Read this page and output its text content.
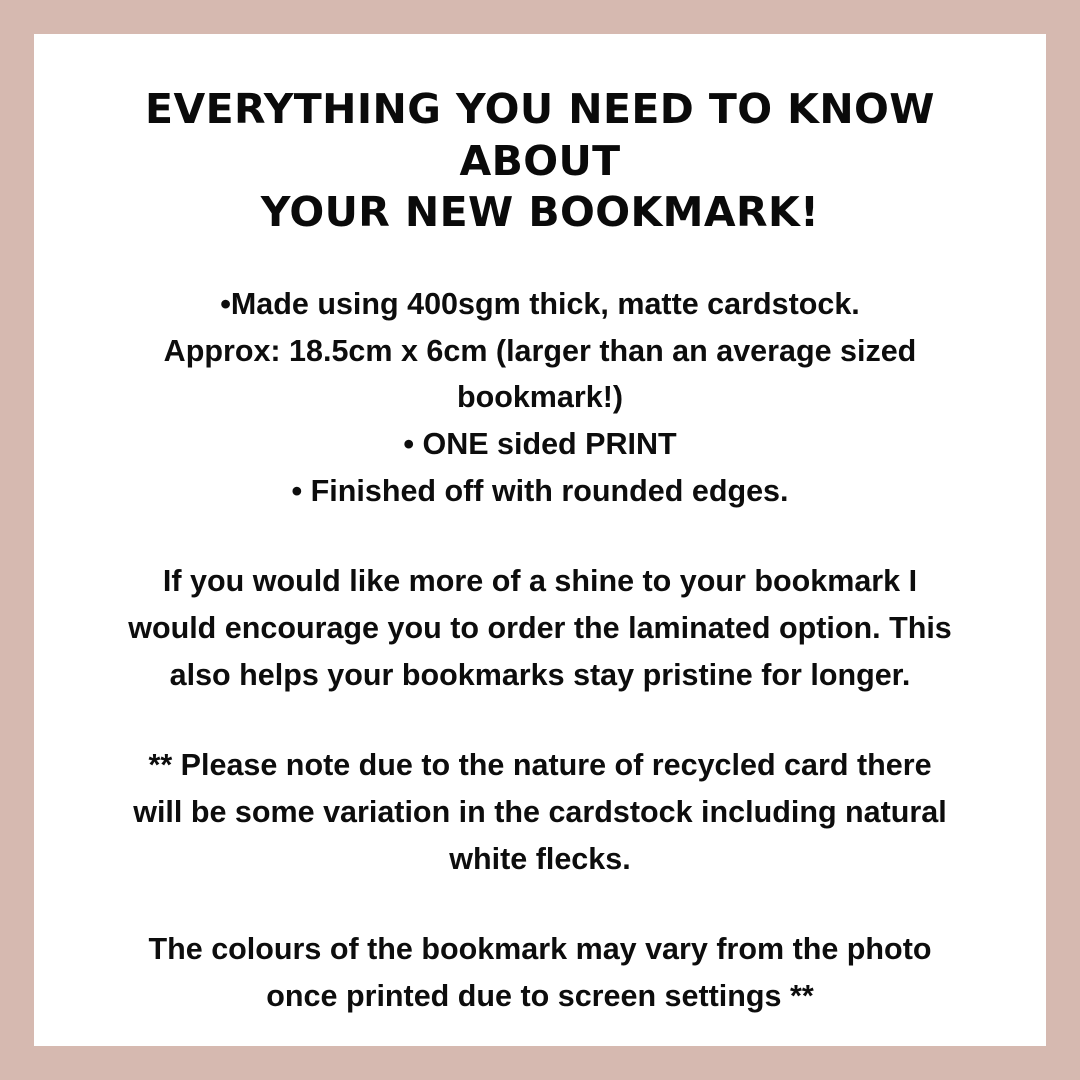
EVERYTHING YOU NEED TO KNOW ABOUT
YOUR NEW BOOKMARK!
•Made using 400sgm thick, matte cardstock.
Approx: 18.5cm x 6cm (larger than an average sized
bookmark!)
• ONE sided PRINT
• Finished off with rounded edges.
If you would like more of a shine to your bookmark I
would encourage you to order the laminated option. This
also helps your bookmarks stay pristine for longer.
** Please note due to the nature of recycled card there
will be some variation in the cardstock including natural
white flecks.
The colours of the bookmark may vary from the photo
once printed due to screen settings **
